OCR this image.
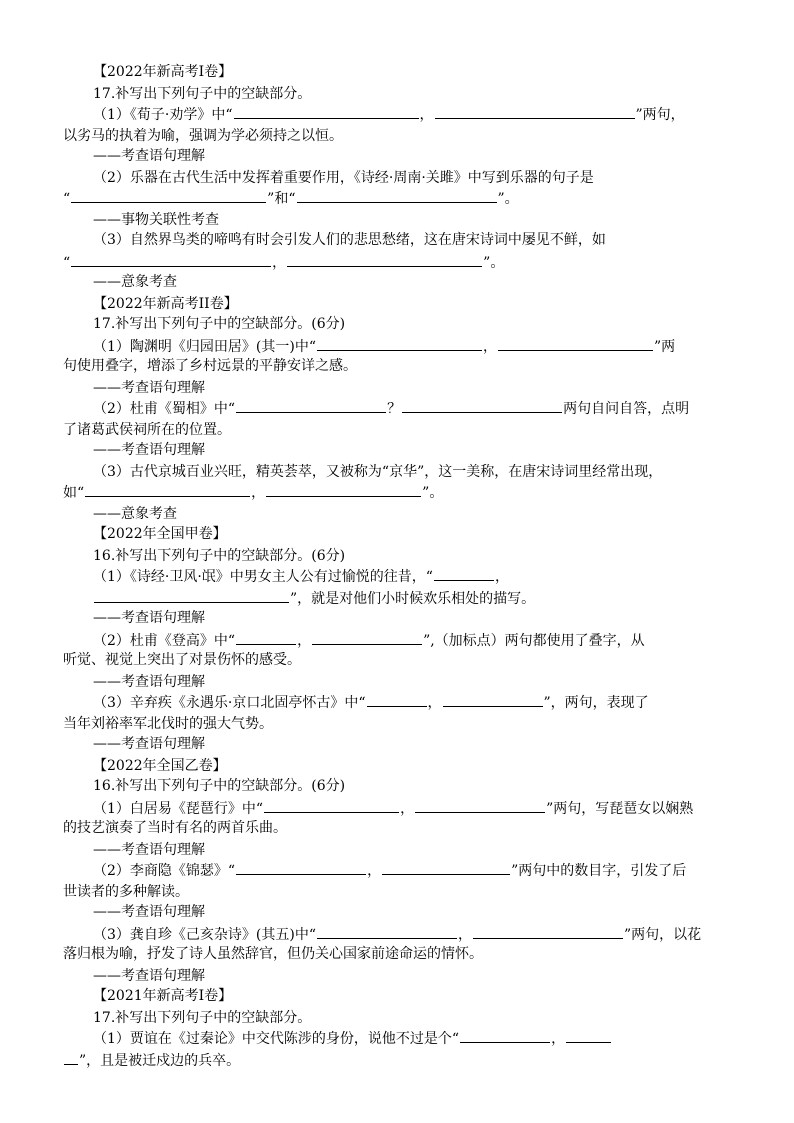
【2022年新高考Ⅰ卷】
17.补写出下列句子中的空缺部分。
（1）《荀子·劝学》中“	，	”两句，
以劣马的执着为喻，强调为学必须持之以恒。
——考查语句理解
（2）乐器在古代生活中发挥着重要作用，《诗经·周南·关雎》中写到乐器的句子是
“	”和“	”。
——事物关联性考查
（3）自然界鸟类的啼鸣有时会引发人们的悲思愁绪，这在唐宋诗词中屡见不鲜，如
“	，	”。
——意象考查
【2022年新高考II卷】
17.补写出下列句子中的空缺部分。(6分)
（1）陶渊明《归园田居》(其一)中“	，	”两
句使用叠字，增添了乡村远景的平静安详之感。
——考查语句理解
（2）杜甫《蜀相》中“	？	两句自问自答，点明
了诸葛武侯祠所在的位置。
——考查语句理解
（3）古代京城百业兴旺，精英荟萃，又被称为“京华”，这一美称，在唐宋诗词里经常出现，
如“	，	”。
——意象考查
【2022年全国甲卷】
16.补写出下列句子中的空缺部分。(6分)
（1）《诗经·卫风·氓》中男女主人公有过愉悦的往昔，“	，
”，就是对他们小时候欢乐相处的描写。
——考查语句理解
（2）杜甫《登高》中“	，	”,（加标点）两句都使用了叠字，从
听觉、视觉上突出了对景伤怀的感受。
——考查语句理解
（3）辛弃疾《永遇乐·京口北固亭怀古》中“	，	”，两句，表现了
当年刘裕率军北伐时的强大气势。
——考查语句理解
【2022年全国乙卷】
16.补写出下列句子中的空缺部分。(6分)
（1）白居易《琵琶行》中“	，	”两句，写琵琶女以娴熟
的技艺演奏了当时有名的两首乐曲。
——考查语句理解
（2）李商隐《锦瑟》“	，	”两句中的数目字，引发了后
世读者的多种解读。
——考查语句理解
（3）龚自珍《己亥杂诗》(其五)中“	，	”两句，以花
落归根为喻，抒发了诗人虽然辞官，但仍关心国家前途命运的情怀。
——考查语句理解
【2021年新高考Ⅰ卷】
17.补写出下列句子中的空缺部分。
（1）贾谊在《过秦论》中交代陈涉的身份，说他不过是个“	，
”，且是被迁戍边的兵卒。
